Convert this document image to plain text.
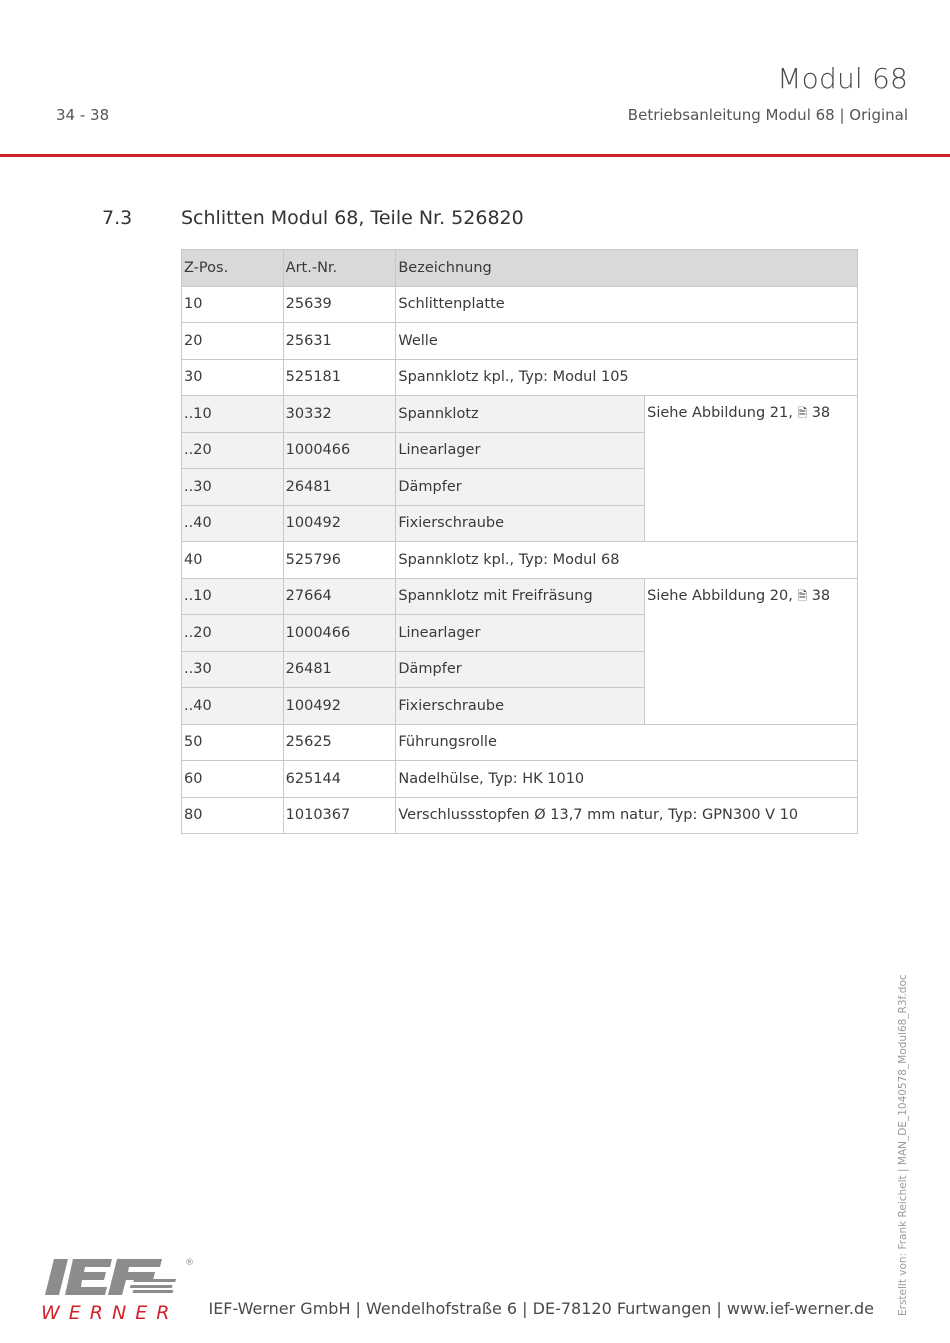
Modul 68
34 - 38	Betriebsanleitung Modul 68 | Original
7.3	Schlitten Modul 68, Teile Nr. 526820
Z-Pos.	Art.-Nr.	Bezeichnung	
10	25639	Schlittenplatte	
20	25631	Welle	
30	525181	Spannklotz kpl., Typ: Modul 105	
..10	30332	Spannklotz	Siehe Abbildung 21, 🗎 38
..20	1000466	Linearlager	
..30	26481	Dämpfer	
..40	100492	Fixierschraube	
40	525796	Spannklotz kpl., Typ: Modul 68	
..10	27664	Spannklotz mit Freifräsung	Siehe Abbildung 20, 🗎 38
..20	1000466	Linearlager	
..30	26481	Dämpfer	
..40	100492	Fixierschraube	
50	25625	Führungsrolle	
60	625144	Nadelhülse, Typ: HK 1010	
80	1010367	Verschlussstopfen Ø 13,7 mm natur, Typ: GPN300 V 10	
Erstellt von: Frank Reichelt | MAN_DE_1040578_Modul68_R3f.doc
®
WERNER IEF-Werner GmbH | Wendelhofstraße 6 | DE-78120 Furtwangen | www.ief-werner.de
